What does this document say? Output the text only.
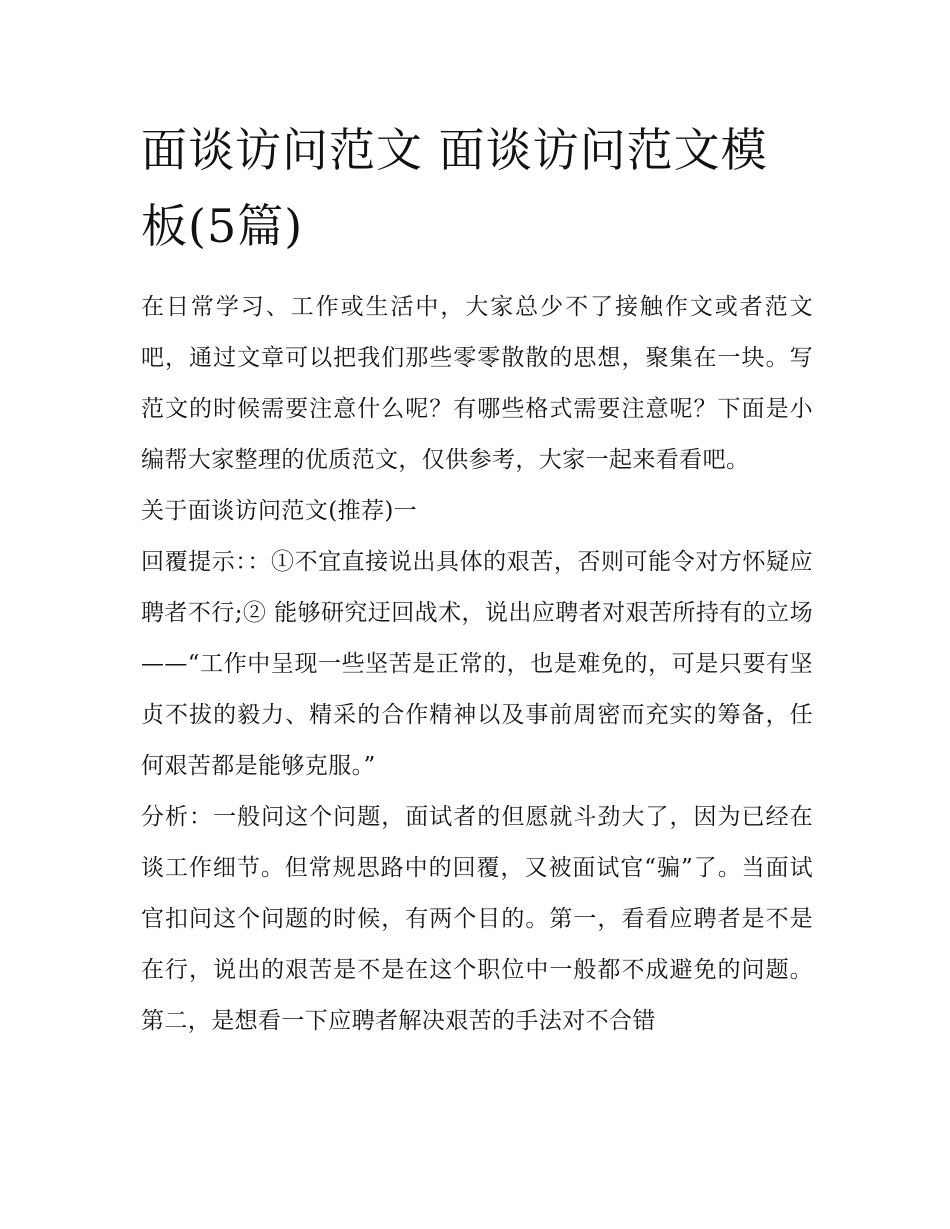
面谈访问范文 面谈访问范文模板(5篇)

在日常学习、工作或生活中，大家总少不了接触作文或者范文吧，通过文章可以把我们那些零零散散的思想，聚集在一块。写范文的时候需要注意什么呢？有哪些格式需要注意呢？下面是小编帮大家整理的优质范文，仅供参考，大家一起来看看吧。

关于面谈访问范文(推荐)一

回覆提示：：①不宜直接说出具体的艰苦，否则可能令对方怀疑应聘者不行;② 能够研究迂回战术，说出应聘者对艰苦所持有的立场——“工作中呈现一些坚苦是正常的，也是难免的，可是只要有坚贞不拔的毅力、精采的合作精神以及事前周密而充实的筹备，任何艰苦都是能够克服。”

分析：一般问这个问题，面试者的但愿就斗劲大了，因为已经在谈工作细节。但常规思路中的回覆，又被面试官“骗”了。当面试官扣问这个问题的时候，有两个目的。第一，看看应聘者是不是在行，说出的艰苦是不是在这个职位中一般都不成避免的问题。第二，是想看一下应聘者解决艰苦的手法对不合错
